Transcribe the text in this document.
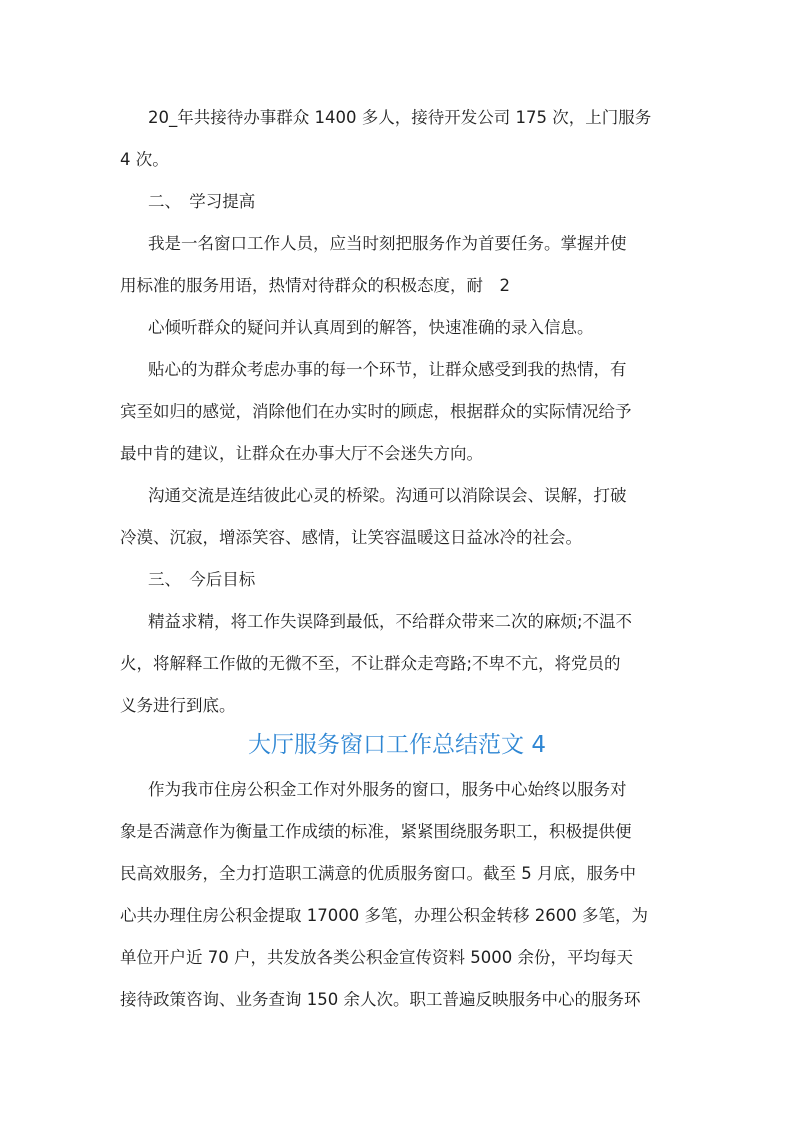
20_年共接待办事群众 1400 多人，接待开发公司 175 次，上门服务
4 次。
二、　学习提高
我是一名窗口工作人员，应当时刻把服务作为首要任务。掌握并使
用标准的服务用语，热情对待群众的积极态度，耐　2
心倾听群众的疑问并认真周到的解答，快速准确的录入信息。
贴心的为群众考虑办事的每一个环节，让群众感受到我的热情，有
宾至如归的感觉，消除他们在办实时的顾虑，根据群众的实际情况给予
最中肯的建议，让群众在办事大厅不会迷失方向。
沟通交流是连结彼此心灵的桥梁。沟通可以消除误会、误解，打破
冷漠、沉寂，增添笑容、感情，让笑容温暖这日益冰冷的社会。
三、　今后目标
精益求精，将工作失误降到最低，不给群众带来二次的麻烦;不温不
火，将解释工作做的无微不至，不让群众走弯路;不卑不亢，将党员的
义务进行到底。
大厅服务窗口工作总结范文 4
作为我市住房公积金工作对外服务的窗口，服务中心始终以服务对
象是否满意作为衡量工作成绩的标准，紧紧围绕服务职工，积极提供便
民高效服务，全力打造职工满意的优质服务窗口。截至 5 月底，服务中
心共办理住房公积金提取 17000 多笔，办理公积金转移 2600 多笔，为
单位开户近 70 户，共发放各类公积金宣传资料 5000 余份，平均每天
接待政策咨询、业务查询 150 余人次。职工普遍反映服务中心的服务环
